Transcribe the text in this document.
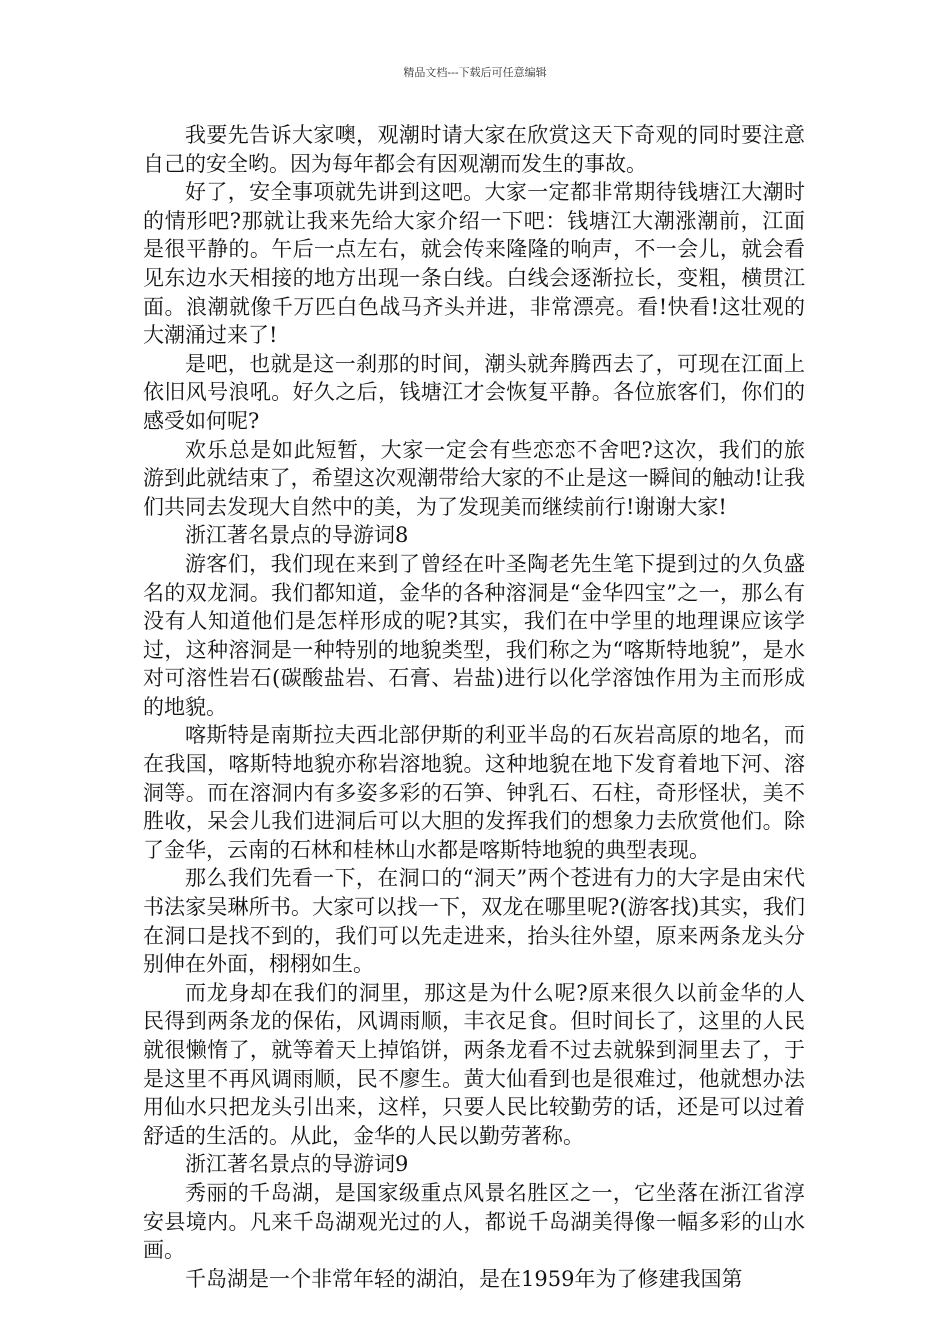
精品文档---下载后可任意编辑

我要先告诉大家噢，观潮时请大家在欣赏这天下奇观的同时要注意自己的安全哟。因为每年都会有因观潮而发生的事故。

好了，安全事项就先讲到这吧。大家一定都非常期待钱塘江大潮时的情形吧?那就让我来先给大家介绍一下吧：钱塘江大潮涨潮前，江面是很平静的。午后一点左右，就会传来隆隆的响声，不一会儿，就会看见东边水天相接的地方出现一条白线。白线会逐渐拉长，变粗，横贯江面。浪潮就像千万匹白色战马齐头并进，非常漂亮。看!快看!这壮观的大潮涌过来了!

是吧，也就是这一刹那的时间，潮头就奔腾西去了，可现在江面上依旧风号浪吼。好久之后，钱塘江才会恢复平静。各位旅客们，你们的感受如何呢?

欢乐总是如此短暂，大家一定会有些恋恋不舍吧?这次，我们的旅游到此就结束了，希望这次观潮带给大家的不止是这一瞬间的触动!让我们共同去发现大自然中的美，为了发现美而继续前行!谢谢大家!

浙江著名景点的导游词8

游客们，我们现在来到了曾经在叶圣陶老先生笔下提到过的久负盛名的双龙洞。我们都知道，金华的各种溶洞是“金华四宝”之一，那么有没有人知道他们是怎样形成的呢?其实，我们在中学里的地理课应该学过，这种溶洞是一种特别的地貌类型，我们称之为“喀斯特地貌”，是水对可溶性岩石(碳酸盐岩、石膏、岩盐)进行以化学溶蚀作用为主而形成的地貌。

喀斯特是南斯拉夫西北部伊斯的利亚半岛的石灰岩高原的地名，而在我国，喀斯特地貌亦称岩溶地貌。这种地貌在地下发育着地下河、溶洞等。而在溶洞内有多姿多彩的石笋、钟乳石、石柱，奇形怪状，美不胜收，呆会儿我们进洞后可以大胆的发挥我们的想象力去欣赏他们。除了金华，云南的石林和桂林山水都是喀斯特地貌的典型表现。

那么我们先看一下，在洞口的“洞天”两个苍进有力的大字是由宋代书法家吴琳所书。大家可以找一下，双龙在哪里呢?(游客找)其实，我们在洞口是找不到的，我们可以先走进来，抬头往外望，原来两条龙头分别伸在外面，栩栩如生。

而龙身却在我们的洞里，那这是为什么呢?原来很久以前金华的人民得到两条龙的保佑，风调雨顺，丰衣足食。但时间长了，这里的人民就很懒惰了，就等着天上掉馅饼，两条龙看不过去就躲到洞里去了，于是这里不再风调雨顺，民不廖生。黄大仙看到也是很难过，他就想办法用仙水只把龙头引出来，这样，只要人民比较勤劳的话，还是可以过着舒适的生活的。从此，金华的人民以勤劳著称。

浙江著名景点的导游词9

秀丽的千岛湖，是国家级重点风景名胜区之一，它坐落在浙江省淳安县境内。凡来千岛湖观光过的人，都说千岛湖美得像一幅多彩的山水画。

千岛湖是一个非常年轻的湖泊，是在1959年为了修建我国第
